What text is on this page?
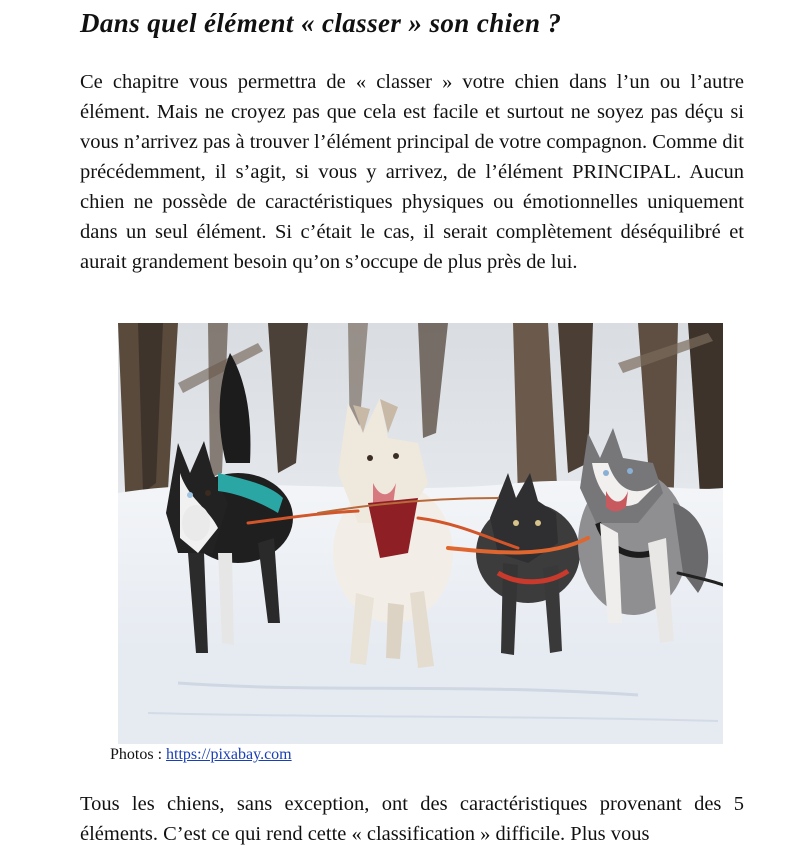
Dans quel élément « classer » son chien ?

Ce chapitre vous permettra de « classer » votre chien dans l’un ou l’autre élément. Mais ne croyez pas que cela est facile et surtout ne soyez pas déçu si vous n’arrivez pas à trouver l’élément principal de votre compagnon. Comme dit précédemment, il s’agit, si vous y arrivez, de l’élément PRINCIPAL. Aucun chien ne possède de caractéristiques physiques ou émotionnelles uniquement dans un seul élément. Si c’était le cas, il serait complètement déséquilibré et aurait grandement besoin qu’on s’occupe de plus près de lui.

Photos : https://pixabay.com

Tous les chiens, sans exception, ont des caractéristiques provenant des 5 éléments. C’est ce qui rend cette « classification » difficile. Plus vous
